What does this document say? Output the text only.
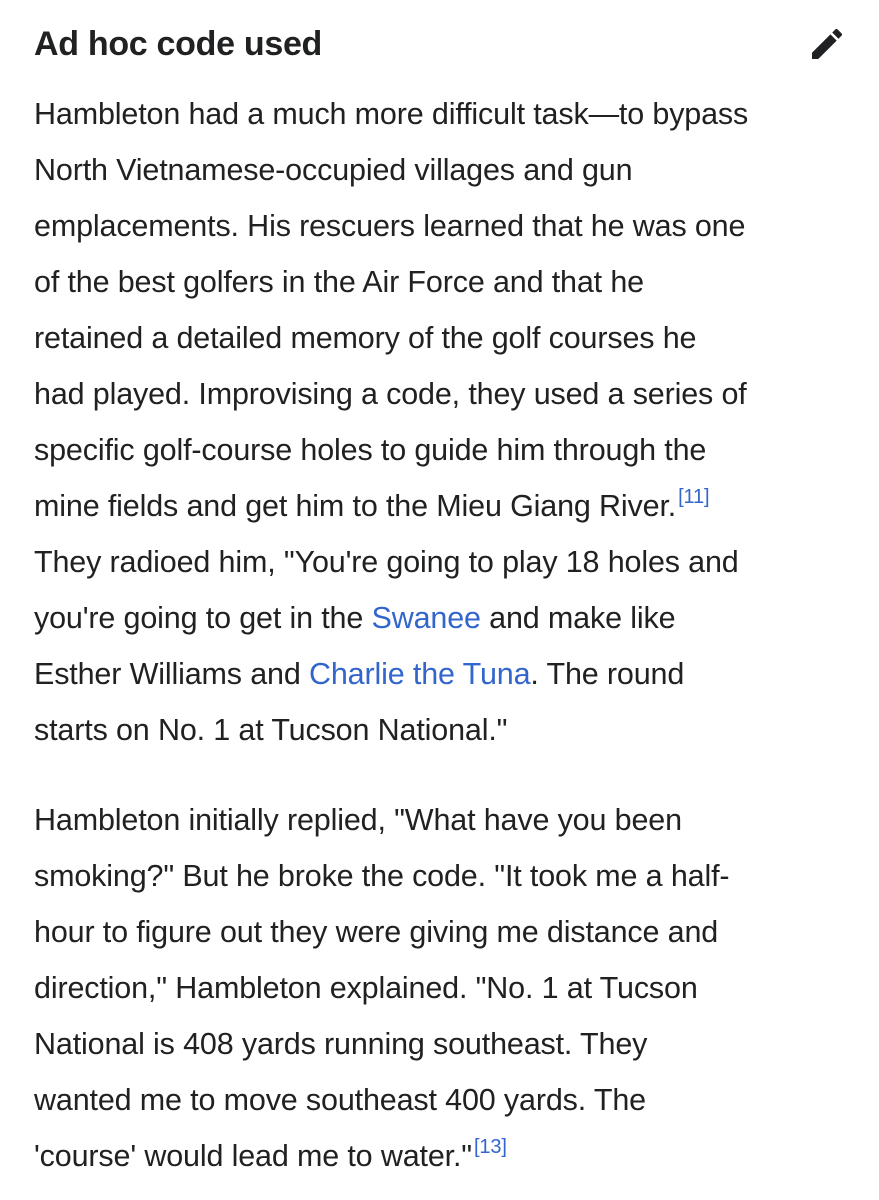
Ad hoc code used

Hambleton had a much more difficult task—to bypass
North Vietnamese-occupied villages and gun
emplacements. His rescuers learned that he was one
of the best golfers in the Air Force and that he
retained a detailed memory of the golf courses he
had played. Improvising a code, they used a series of
specific golf-course holes to guide him through the
mine fields and get him to the Mieu Giang River. [11]
They radioed him, "You're going to play 18 holes and
you're going to get in the Swanee and make like
Esther Williams and Charlie the Tuna. The round
starts on No. 1 at Tucson National."

Hambleton initially replied, "What have you been
smoking?" But he broke the code. "It took me a half-
hour to figure out they were giving me distance and
direction," Hambleton explained. "No. 1 at Tucson
National is 408 yards running southeast. They
wanted me to move southeast 400 yards. The
'course' would lead me to water." [13]
